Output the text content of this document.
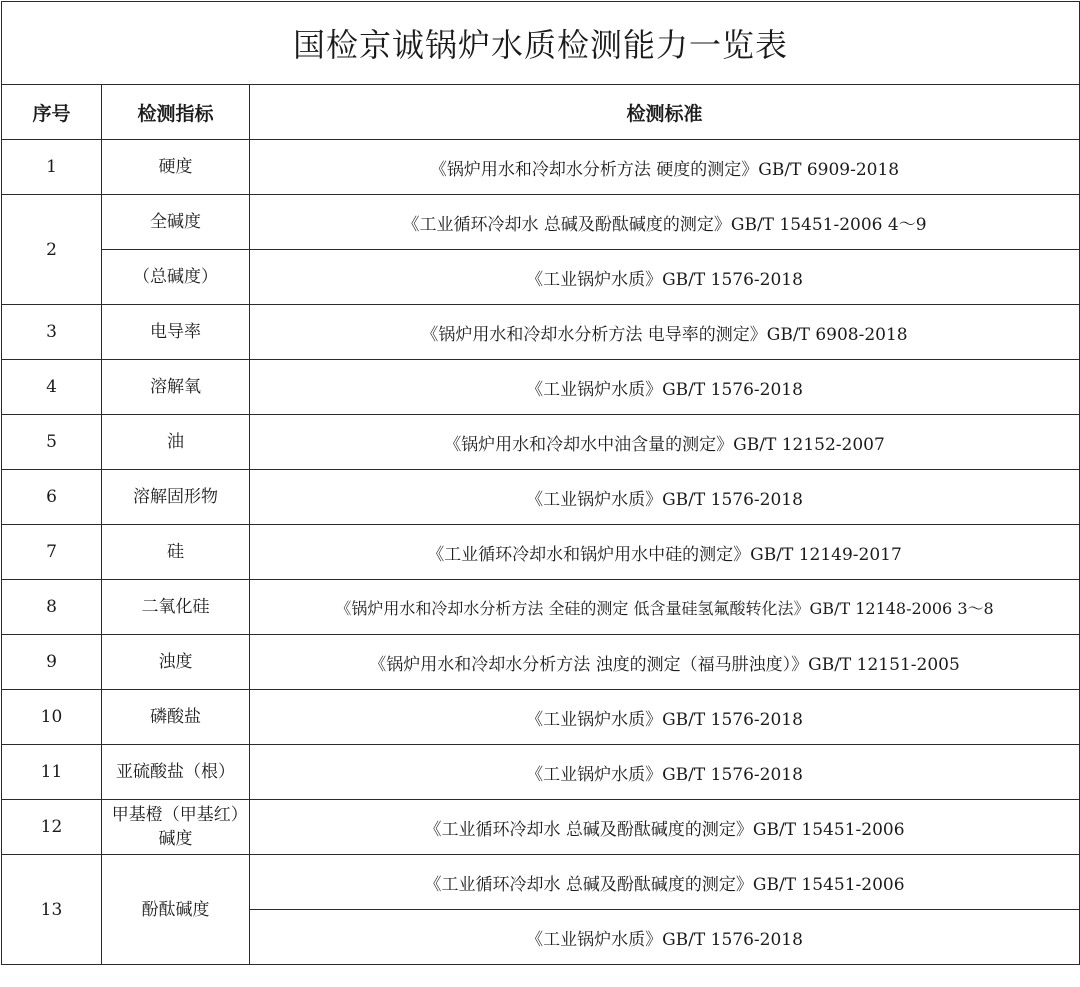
国检京诚锅炉水质检测能力一览表		
序号	检测指标	检测标准
1	硬度	《锅炉用水和冷却水分析方法 硬度的测定》GB/T 6909-2018
2	全碱度	《工业循环冷却水 总碱及酚酞碱度的测定》GB/T 15451-2006 4～9
	（总碱度）	《工业锅炉水质》GB/T 1576-2018
3	电导率	《锅炉用水和冷却水分析方法 电导率的测定》GB/T 6908-2018
4	溶解氧	《工业锅炉水质》GB/T 1576-2018
5	油	《锅炉用水和冷却水中油含量的测定》GB/T 12152-2007
6	溶解固形物	《工业锅炉水质》GB/T 1576-2018
7	硅	《工业循环冷却水和锅炉用水中硅的测定》GB/T 12149-2017
8	二氧化硅	《锅炉用水和冷却水分析方法 全硅的测定 低含量硅氢氟酸转化法》GB/T 12148-2006 3～8
9	浊度	《锅炉用水和冷却水分析方法 浊度的测定（福马肼浊度）》GB/T 12151-2005
10	磷酸盐	《工业锅炉水质》GB/T 1576-2018
11	亚硫酸盐（根）	《工业锅炉水质》GB/T 1576-2018
12	甲基橙（甲基红）碱度	《工业循环冷却水 总碱及酚酞碱度的测定》GB/T 15451-2006
13	酚酞碱度	《工业循环冷却水 总碱及酚酞碱度的测定》GB/T 15451-2006
		《工业锅炉水质》GB/T 1576-2018
